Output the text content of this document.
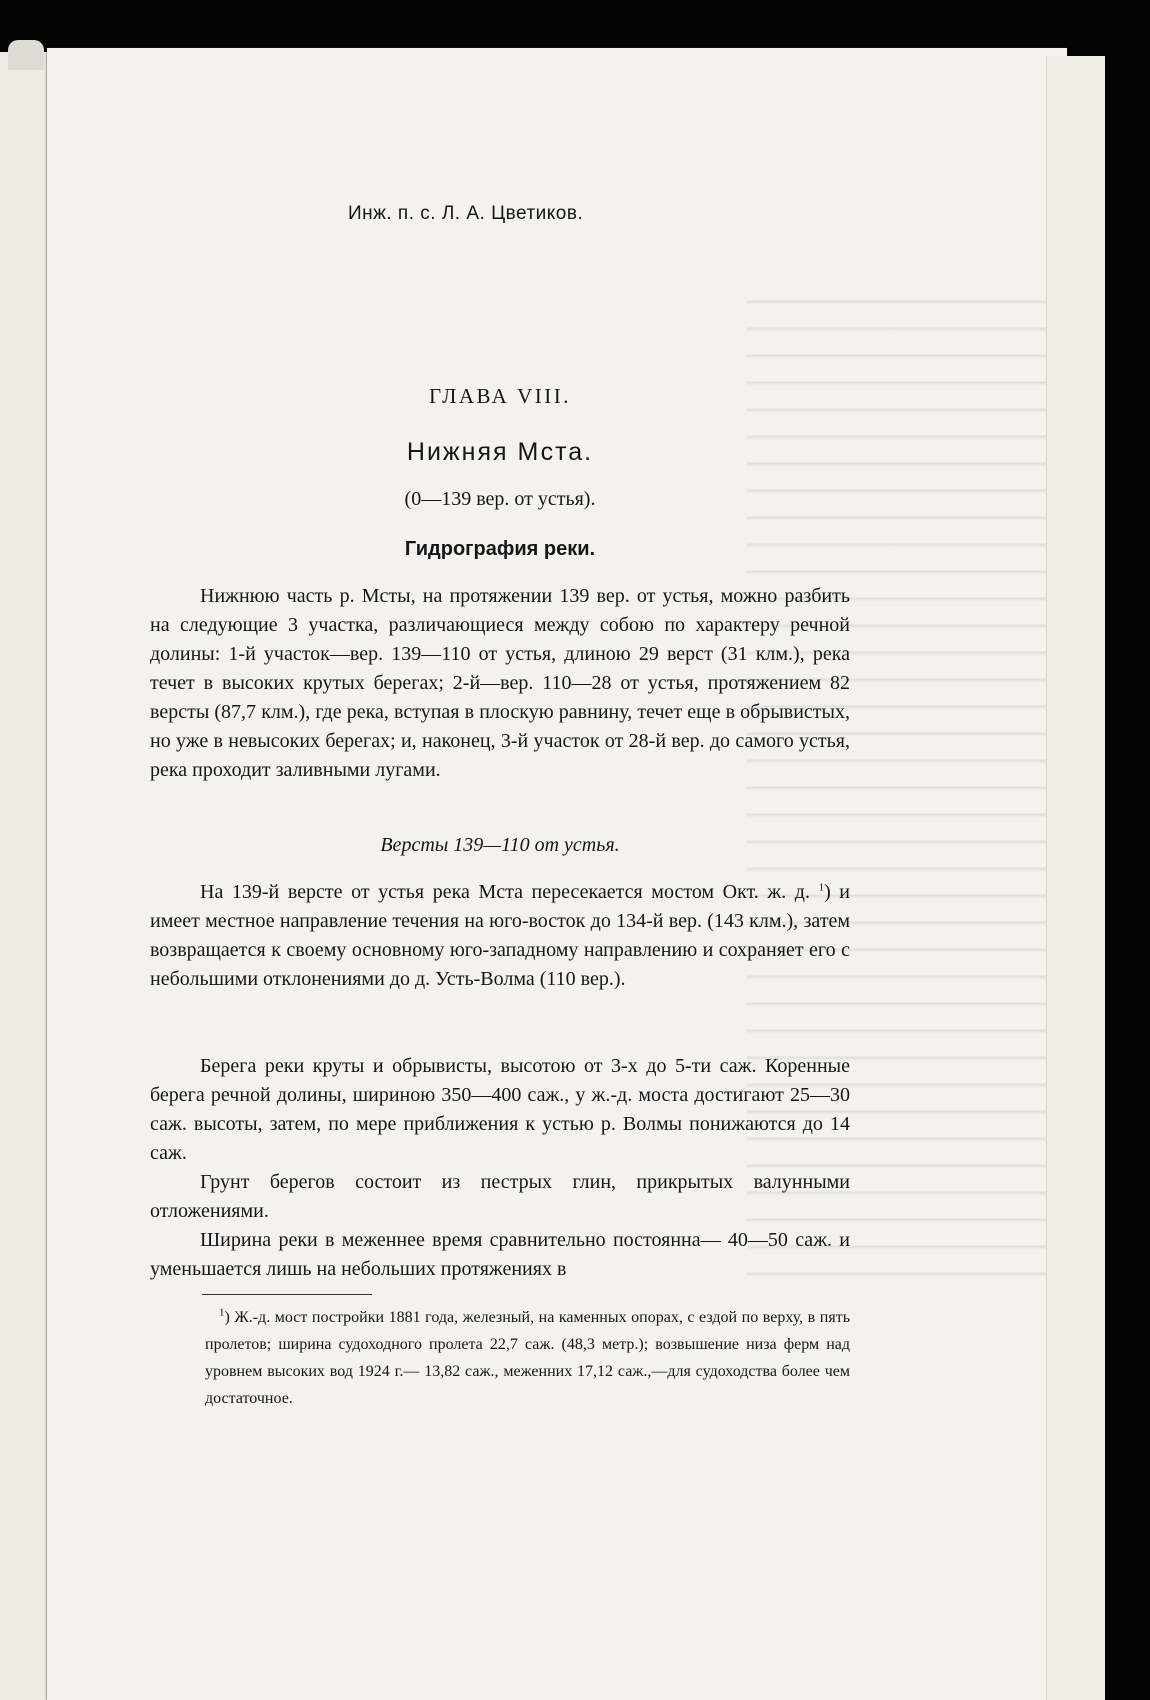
Инж. п. с. Л. А. Цветиков.
ГЛАВА VIII.
Нижняя Мста.
(0—139 вер. от устья).
Гидрография реки.

Нижнюю часть р. Мсты, на протяжении 139 вер. от устья, можно разбить на следующие 3 участка, различающиеся между собою по характеру речной долины: 1-й участок—вер. 139—110 от устья, длиною 29 верст (31 клм.), река течет в высоких крутых берегах; 2-й—вер. 110—28 от устья, протяжением 82 версты (87,7 клм.), где река, вступая в плоскую равнину, течет еще в обрывистых, но уже в невысоких берегах; и, наконец, 3-й участок от 28-й вер. до самого устья, река проходит заливными лугами.

Версты 139—110 от устья.

На 139-й версте от устья река Мста пересекается мостом Окт. ж. д. $^1$) и имеет местное направление течения на юго-восток до 134-й вер. (143 клм.), затем возвращается к своему основному юго-западному направлению и сохраняет его с небольшими отклонениями до д. Усть-Волма (110 вер.).

Берега реки круты и обрывисты, высотою от 3-х до 5-ти саж. Коренные берега речной долины, шириною 350—400 саж., у ж.-д. моста достигают 25—30 саж. высоты, затем, по мере приближения к устью р. Волмы понижаются до 14 саж.

Грунт берегов состоит из пестрых глин, прикрытых валунными отложениями.

Ширина реки в меженнее время сравнительно постоянна— 40—50 саж. и уменьшается лишь на небольших протяжениях в

$^1$) Ж.-д. мост постройки 1881 года, железный, на каменных опорах, с ездой по верху, в пять пролетов; ширина судоходного пролета 22,7 саж. (48,3 метр.); возвышение низа ферм над уровнем высоких вод 1924 г.— 13,82 саж., меженних 17,12 саж.,—для судоходства более чем достаточное.
